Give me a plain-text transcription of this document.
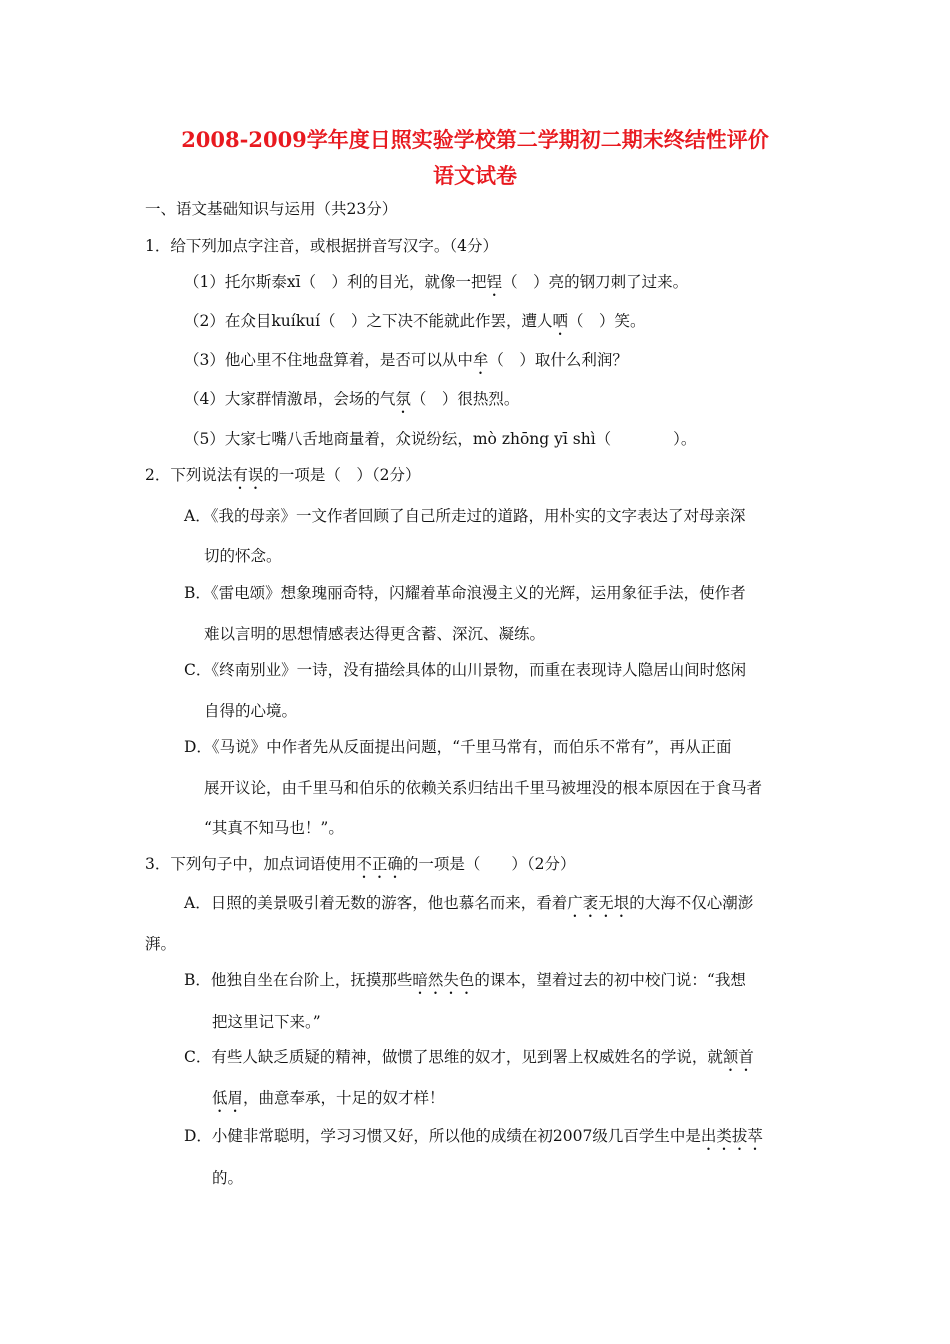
2008-2009学年度日照实验学校第二学期初二期末终结性评价
语文试卷
一、语文基础知识与运用（共23分）
1．给下列加点字注音，或根据拼音写汉字。（4分）
（1）托尔斯泰xī（　）利的目光，就像一把锃（　）亮的钢刀刺了过来。
（2）在众目kuíkuí（　）之下决不能就此作罢，遭人哂（　）笑。
（3）他心里不住地盘算着，是否可以从中牟（　）取什么利润？
（4）大家群情激昂，会场的气氛（　）很热烈。
（5）大家七嘴八舌地商量着，众说纷纭，mò zhōng yī shì（　　　　）。
2．下列说法有误的一项是（　）（2分）
A．《我的母亲》一文作者回顾了自己所走过的道路，用朴实的文字表达了对母亲深
切的怀念。
B．《雷电颂》想象瑰丽奇特，闪耀着革命浪漫主义的光辉，运用象征手法，使作者
难以言明的思想情感表达得更含蓄、深沉、凝练。
C．《终南别业》一诗，没有描绘具体的山川景物，而重在表现诗人隐居山间时悠闲
自得的心境。
D．《马说》中作者先从反面提出问题，“千里马常有，而伯乐不常有”，再从正面
展开议论，由千里马和伯乐的依赖关系归结出千里马被埋没的根本原因在于食马者
“其真不知马也！”。
3．下列句子中，加点词语使用不正确的一项是（　　）（2分）
A．日照的美景吸引着无数的游客，他也慕名而来，看着广袤无垠的大海不仅心潮澎
湃。
B．他独自坐在台阶上，抚摸那些暗然失色的课本，望着过去的初中校门说：“我想
把这里记下来。”
C．有些人缺乏质疑的精神，做惯了思维的奴才，见到署上权威姓名的学说，就颔首
低眉，曲意奉承，十足的奴才样！
D．小健非常聪明，学习习惯又好，所以他的成绩在初2007级几百学生中是出类拔萃
的。
